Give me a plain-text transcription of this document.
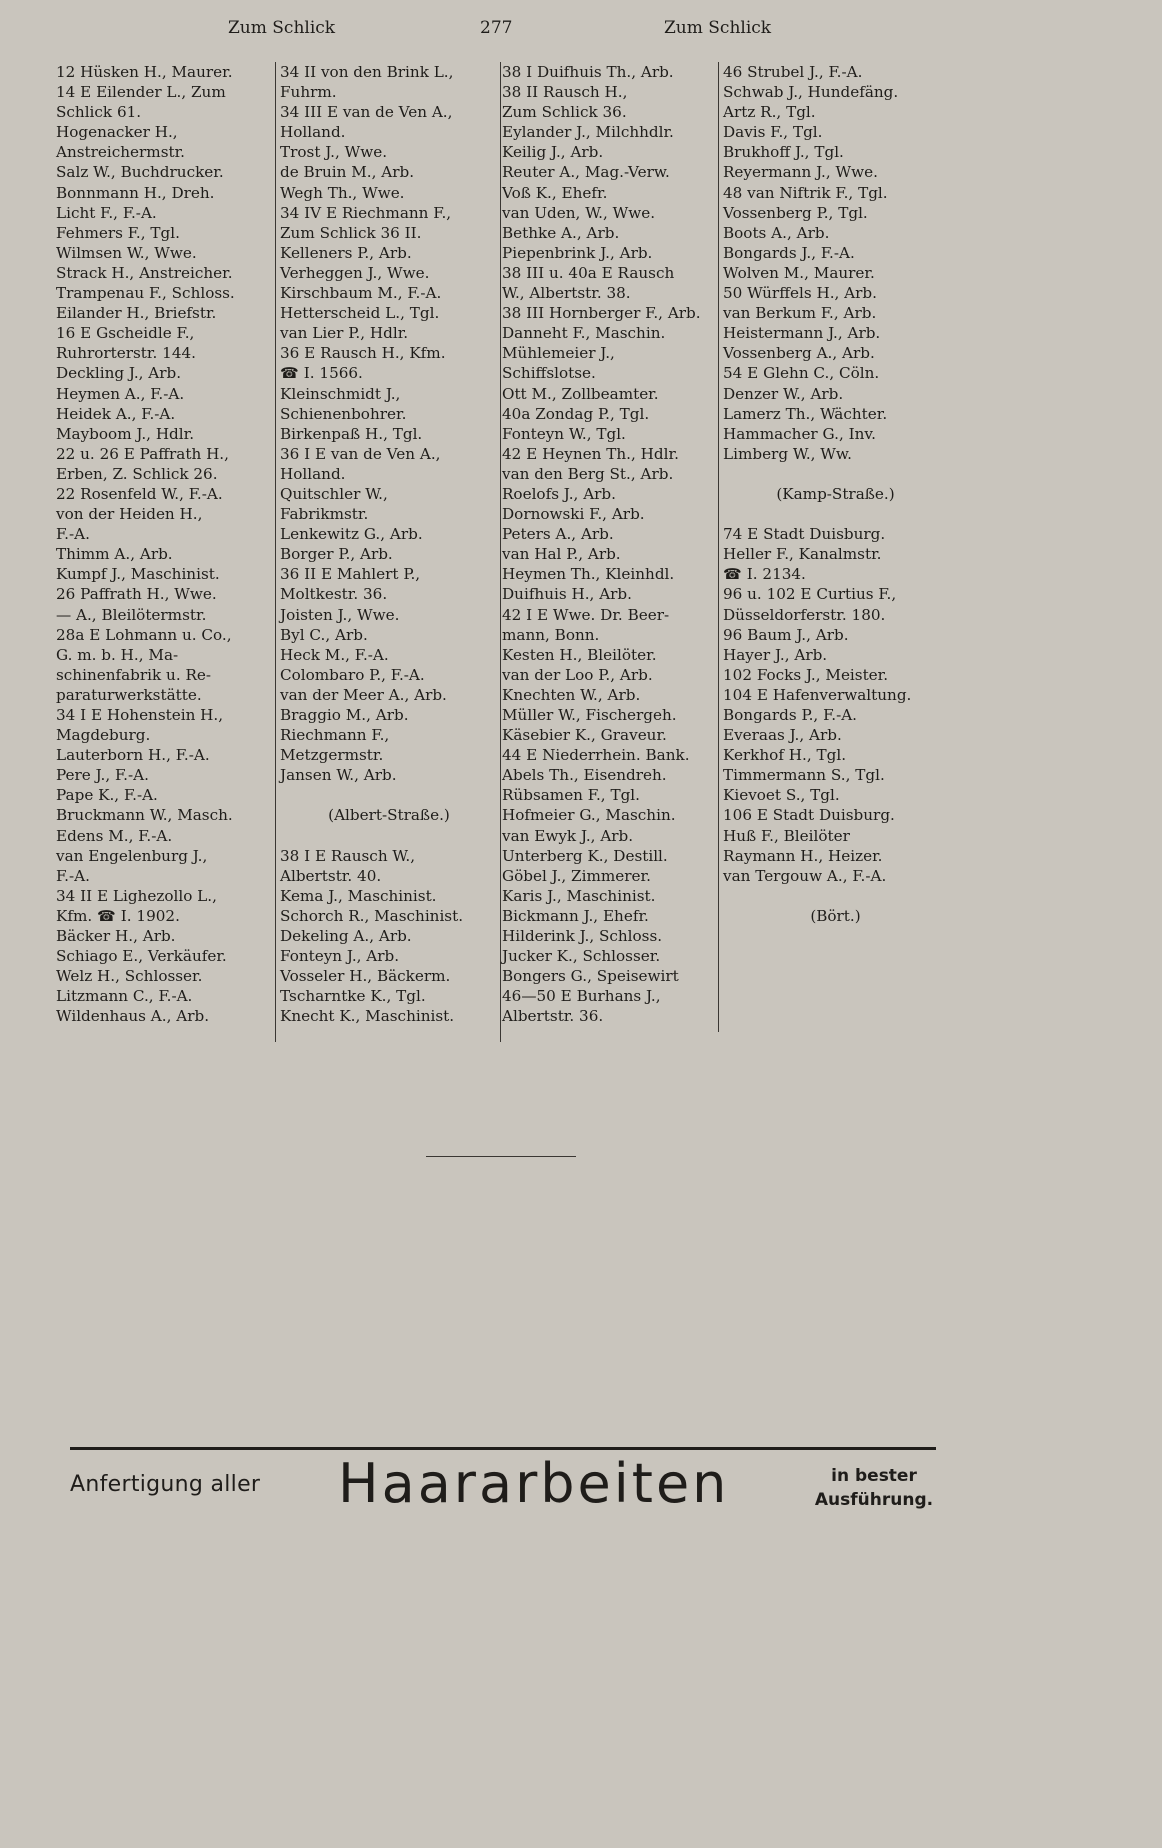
Zum Schlick	277	Zum Schlick
12 Hüsken H., Maurer.
14 E Eilender L., Zum
Schlick 61.
Hogenacker H.,
Anstreichermstr.
Salz W., Buchdrucker.
Bonnmann H., Dreh.
Licht F., F.-A.
Fehmers F., Tgl.
Wilmsen W., Wwe.
Strack H., Anstreicher.
Trampenau F., Schloss.
Eilander H., Briefstr.
16 E Gscheidle F.,
Ruhrorterstr. 144.
Deckling J., Arb.
Heymen A., F.-A.
Heidek A., F.-A.
Mayboom J., Hdlr.
22 u. 26 E Paffrath H.,
Erben, Z. Schlick 26.
22 Rosenfeld W., F.-A.
von der Heiden H.,
F.-A.
Thimm A., Arb.
Kumpf J., Maschinist.
26 Paffrath H., Wwe.
— A., Bleilötermstr.
28a E Lohmann u. Co.,
G. m. b. H., Ma-
schinenfabrik u. Re-
paraturwerkstätte.
34 I E Hohenstein H.,
Magdeburg.
Lauterborn H., F.-A.
Pere J., F.-A.
Pape K., F.-A.
Bruckmann W., Masch.
Edens M., F.-A.
van Engelenburg J.,
F.-A.
34 II E Lighezollo L.,
Kfm. ☎ I. 1902.
Bäcker H., Arb.
Schiago E., Verkäufer.
Welz H., Schlosser.
Litzmann C., F.-A.
Wildenhaus A., Arb.
34 II von den Brink L.,
Fuhrm.
34 III E van de Ven A.,
Holland.
Trost J., Wwe.
de Bruin M., Arb.
Wegh Th., Wwe.
34 IV E Riechmann F.,
Zum Schlick 36 II.
Kelleners P., Arb.
Verheggen J., Wwe.
Kirschbaum M., F.-A.
Hetterscheid L., Tgl.
van Lier P., Hdlr.
36 E Rausch H., Kfm.
☎ I. 1566.
Kleinschmidt J.,
Schienenbohrer.
Birkenpaß H., Tgl.
36 I E van de Ven A.,
Holland.
Quitschler W.,
Fabrikmstr.
Lenkewitz G., Arb.
Borger P., Arb.
36 II E Mahlert P.,
Moltkestr. 36.
Joisten J., Wwe.
Byl C., Arb.
Heck M., F.-A.
Colombaro P., F.-A.
van der Meer A., Arb.
Braggio M., Arb.
Riechmann F.,
Metzgermstr.
Jansen W., Arb.
(Albert-Straße.)
38 I E Rausch W.,
Albertstr. 40.
Kema J., Maschinist.
Schorch R., Maschinist.
Dekeling A., Arb.
Fonteyn J., Arb.
Vosseler H., Bäckerm.
Tscharntke K., Tgl.
Knecht K., Maschinist.
38 I Duifhuis Th., Arb.
38 II Rausch H.,
Zum Schlick 36.
Eylander J., Milchhdlr.
Keilig J., Arb.
Reuter A., Mag.-Verw.
Voß K., Ehefr.
van Uden, W., Wwe.
Bethke A., Arb.
Piepenbrink J., Arb.
38 III u. 40a E Rausch
W., Albertstr. 38.
38 III Hornberger F., Arb.
Danneht F., Maschin.
Mühlemeier J.,
Schiffslotse.
Ott M., Zollbeamter.
40a Zondag P., Tgl.
Fonteyn W., Tgl.
42 E Heynen Th., Hdlr.
van den Berg St., Arb.
Roelofs J., Arb.
Dornowski F., Arb.
Peters A., Arb.
van Hal P., Arb.
Heymen Th., Kleinhdl.
Duifhuis H., Arb.
42 I E Wwe. Dr. Beer-
mann, Bonn.
Kesten H., Bleilöter.
van der Loo P., Arb.
Knechten W., Arb.
Müller W., Fischergeh.
Käsebier K., Graveur.
44 E Niederrhein. Bank.
Abels Th., Eisendreh.
Rübsamen F., Tgl.
Hofmeier G., Maschin.
van Ewyk J., Arb.
Unterberg K., Destill.
Göbel J., Zimmerer.
Karis J., Maschinist.
Bickmann J., Ehefr.
Hilderink J., Schloss.
Jucker K., Schlosser.
Bongers G., Speisewirt
46—50 E Burhans J.,
Albertstr. 36.
46 Strubel J., F.-A.
Schwab J., Hundefäng.
Artz R., Tgl.
Davis F., Tgl.
Brukhoff J., Tgl.
Reyermann J., Wwe.
48 van Niftrik F., Tgl.
Vossenberg P., Tgl.
Boots A., Arb.
Bongards J., F.-A.
Wolven M., Maurer.
50 Würffels H., Arb.
van Berkum F., Arb.
Heistermann J., Arb.
Vossenberg A., Arb.
54 E Glehn C., Cöln.
Denzer W., Arb.
Lamerz Th., Wächter.
Hammacher G., Inv.
Limberg W., Ww.
(Kamp-Straße.)
74 E Stadt Duisburg.
Heller F., Kanalmstr.
☎ I. 2134.
96 u. 102 E Curtius F.,
Düsseldorferstr. 180.
96 Baum J., Arb.
Hayer J., Arb.
102 Focks J., Meister.
104 E Hafenverwaltung.
Bongards P., F.-A.
Everaas J., Arb.
Kerkhof H., Tgl.
Timmermann S., Tgl.
Kievoet S., Tgl.
106 E Stadt Duisburg.
Huß F., Bleilöter
Raymann H., Heizer.
van Tergouw A., F.-A.
(Bört.)
Anfertigung aller Haararbeiten	in bester
Ausführung.
